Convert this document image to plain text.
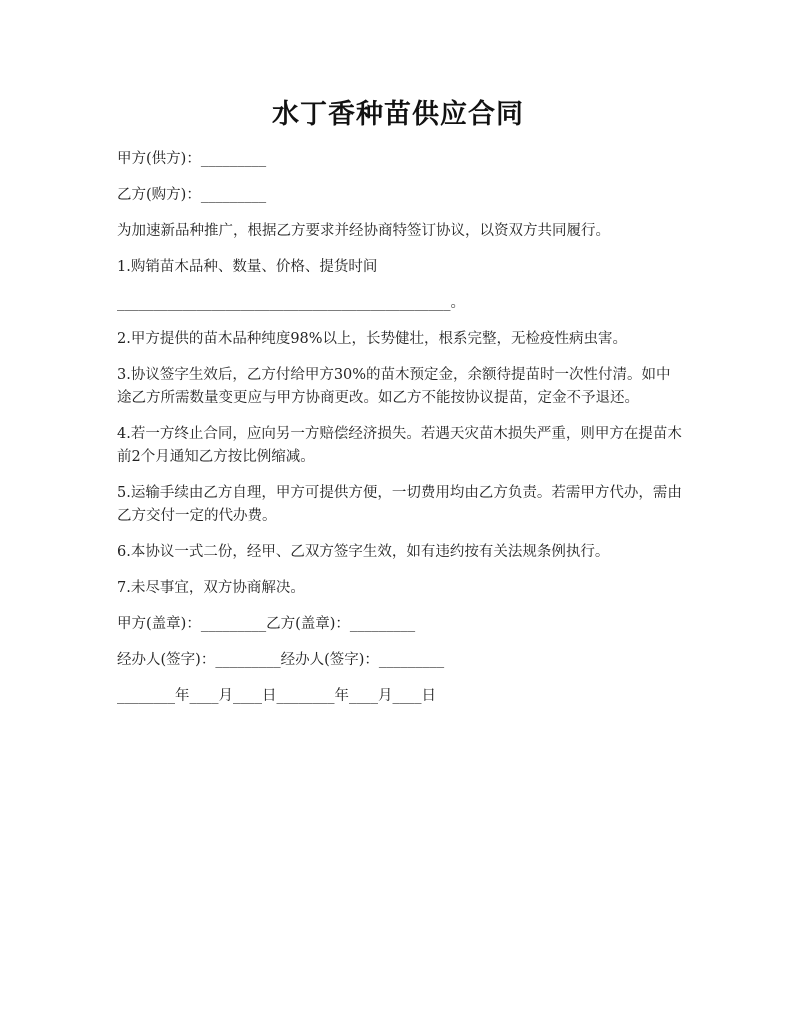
水丁香种苗供应合同

甲方(供方)：_________

乙方(购方)：_________

为加速新品种推广，根据乙方要求并经协商特签订协议，以资双方共同履行。

1.购销苗木品种、数量、价格、提货时间

______________________________________________。

2.甲方提供的苗木品种纯度98%以上，长势健壮，根系完整，无检疫性病虫害。

3.协议签字生效后，乙方付给甲方30%的苗木预定金，余额待提苗时一次性付清。如中途乙方所需数量变更应与甲方协商更改。如乙方不能按协议提苗，定金不予退还。

4.若一方终止合同，应向另一方赔偿经济损失。若遇天灾苗木损失严重，则甲方在提苗木前2个月通知乙方按比例缩减。

5.运输手续由乙方自理，甲方可提供方便，一切费用均由乙方负责。若需甲方代办，需由乙方交付一定的代办费。

6.本协议一式二份，经甲、乙双方签字生效，如有违约按有关法规条例执行。

7.未尽事宜，双方协商解决。

甲方(盖章)：_________乙方(盖章)：_________

经办人(签字)：_________经办人(签字)：_________

________年____月____日________年____月____日
